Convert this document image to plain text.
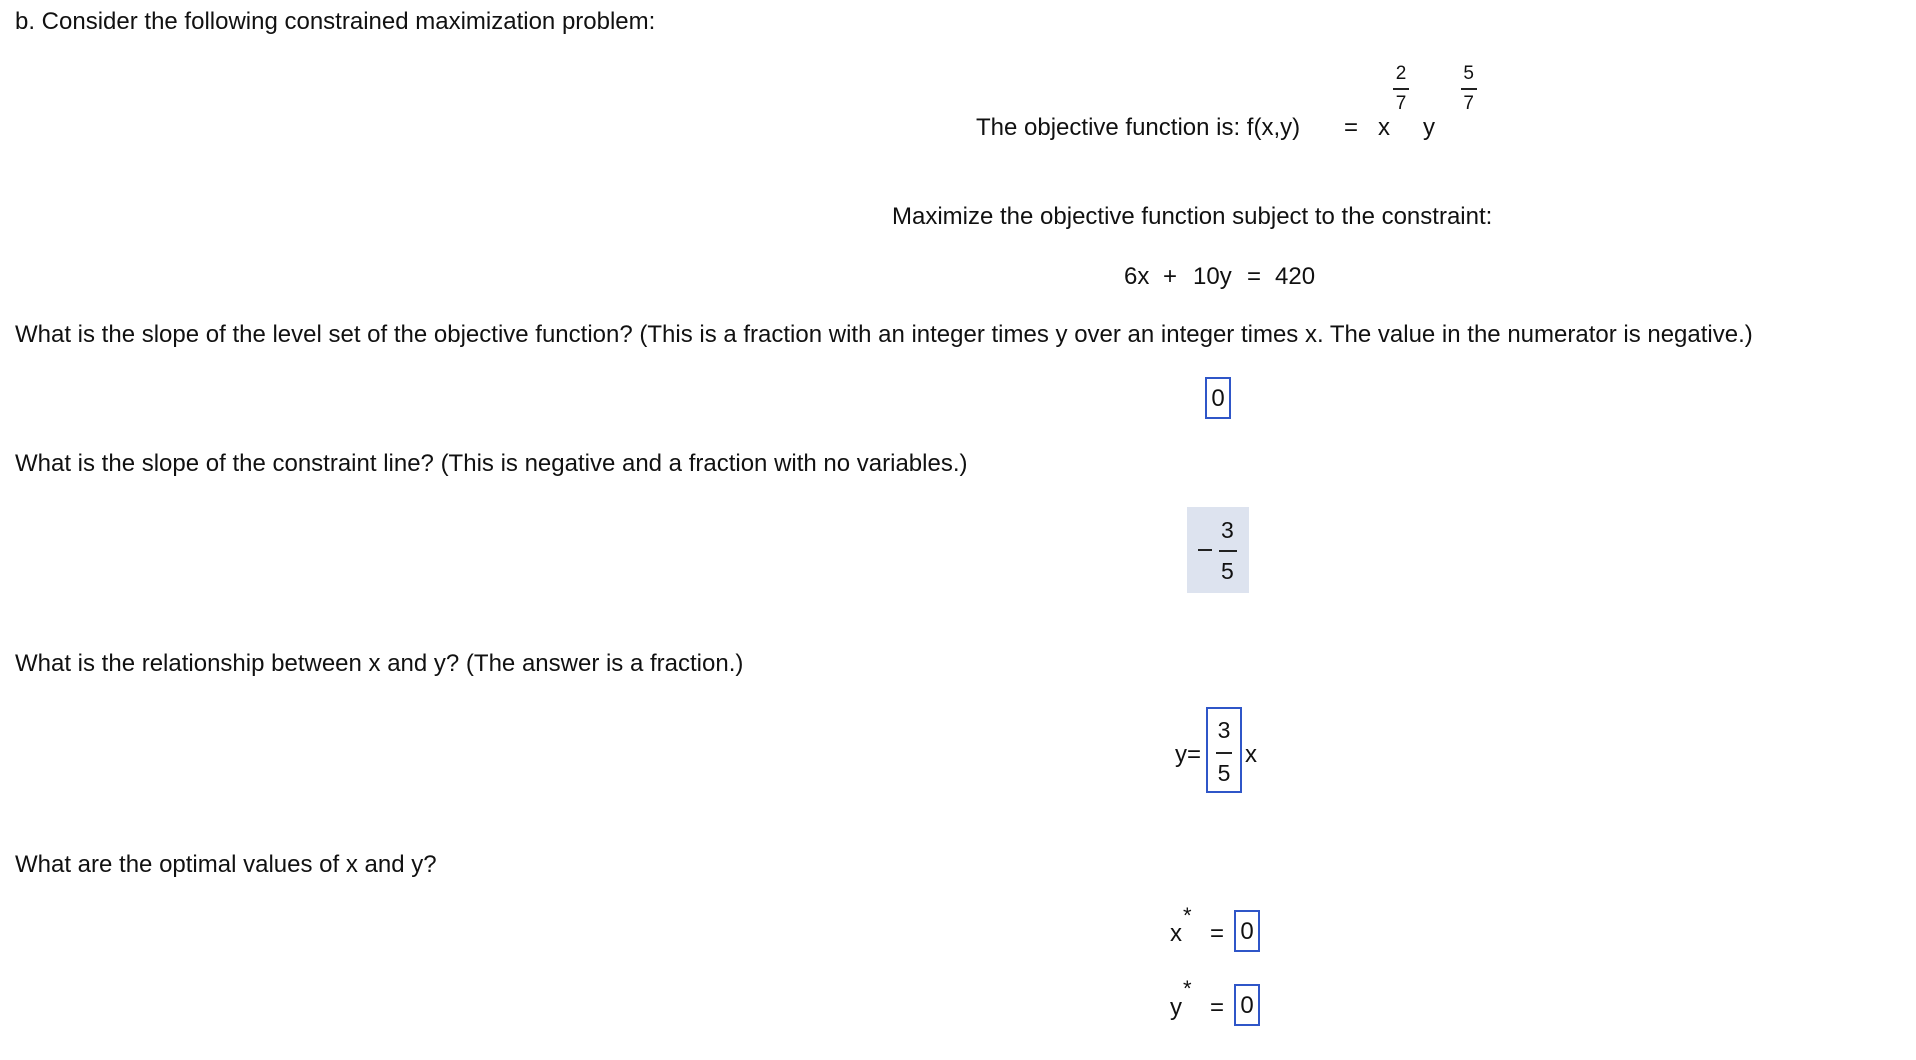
b. Consider the following constrained maximization problem:
The objective function is: f(x,y) = x
$\frac{2}{7}$

y
$\frac{5}{7}$
Maximize the objective function subject to the constraint:
6x + 10y = 420
What is the slope of the level set of the objective function? (This is a fraction with an integer times y over an integer times x. The value in the numerator is negative.)
0
What is the slope of the constraint line? (This is negative and a fraction with no variables.)
3
5
What is the relationship between x and y? (The answer is a fraction.)
y=
3
5
x
What are the optimal values of x and y?
x
*
= 0
y
*
= 0
